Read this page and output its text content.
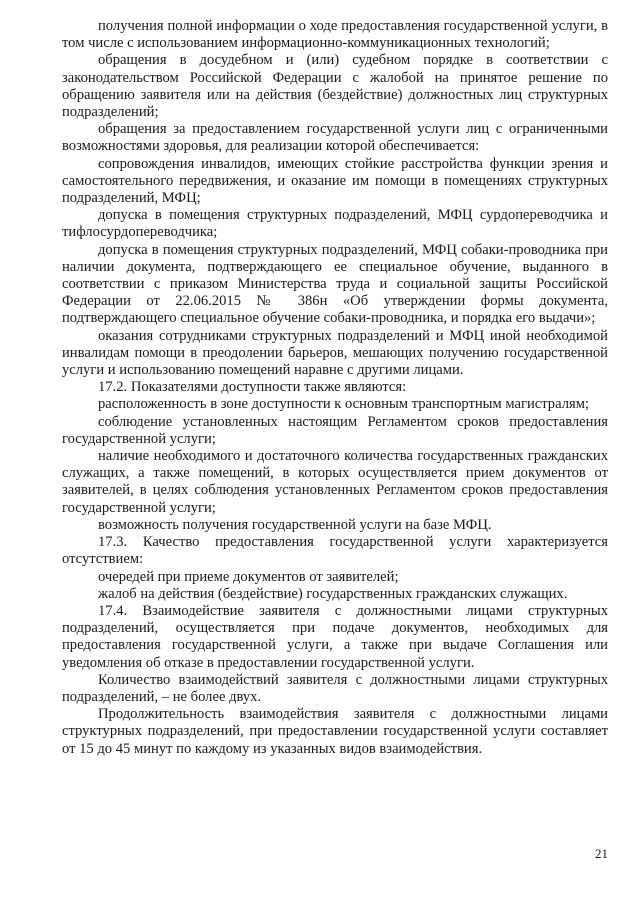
получения полной информации о ходе предоставления государственной услуги, в том числе с использованием информационно-коммуникационных технологий;

обращения в досудебном и (или) судебном порядке в соответствии с законодательством Российской Федерации с жалобой на принятое решение по обращению заявителя или на действия (бездействие) должностных лиц структурных подразделений;

обращения за предоставлением государственной услуги лиц с ограниченными возможностями здоровья, для реализации которой обеспечивается:

сопровождения инвалидов, имеющих стойкие расстройства функции зрения и самостоятельного передвижения, и оказание им помощи в помещениях структурных подразделений, МФЦ;

допуска в помещения структурных подразделений, МФЦ сурдопереводчика и тифлосурдопереводчика;

допуска в помещения структурных подразделений, МФЦ собаки-проводника при наличии документа, подтверждающего ее специальное обучение, выданного в соответствии с приказом Министерства труда и социальной защиты Российской Федерации от 22.06.2015 № 386н «Об утверждении формы документа, подтверждающего специальное обучение собаки-проводника, и порядка его выдачи»;

оказания сотрудниками структурных подразделений и МФЦ иной необходимой инвалидам помощи в преодолении барьеров, мешающих получению государственной услуги и использованию помещений наравне с другими лицами.

17.2. Показателями доступности также являются:

расположенность в зоне доступности к основным транспортным магистралям;

соблюдение установленных настоящим Регламентом сроков предоставления государственной услуги;

наличие необходимого и достаточного количества государственных гражданских служащих, а также помещений, в которых осуществляется прием документов от заявителей, в целях соблюдения установленных Регламентом сроков предоставления государственной услуги;

возможность получения государственной услуги на базе МФЦ.

17.3. Качество предоставления государственной услуги характеризуется отсутствием:

очередей при приеме документов от заявителей;

жалоб на действия (бездействие) государственных гражданских служащих.

17.4. Взаимодействие заявителя с должностными лицами структурных подразделений, осуществляется при подаче документов, необходимых для предоставления государственной услуги, а также при выдаче Соглашения или уведомления об отказе в предоставлении государственной услуги.

Количество взаимодействий заявителя с должностными лицами структурных подразделений, – не более двух.

Продолжительность взаимодействия заявителя с должностными лицами структурных подразделений, при предоставлении государственной услуги составляет от 15 до 45 минут по каждому из указанных видов взаимодействия.

21
